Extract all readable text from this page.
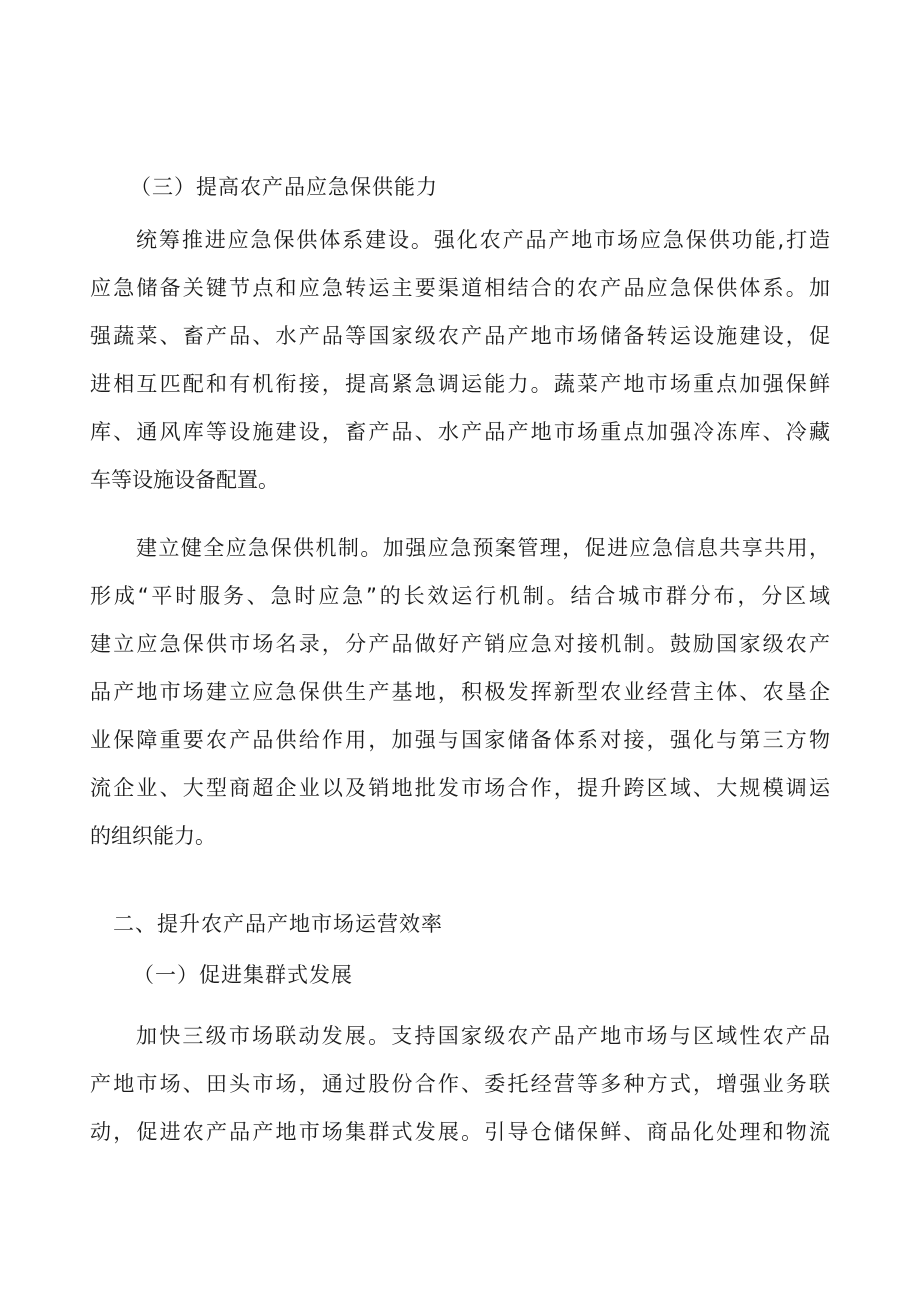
（三）提高农产品应急保供能力
统筹推进应急保供体系建设。强化农产品产地市场应急保供功能,打造
应急储备关键节点和应急转运主要渠道相结合的农产品应急保供体系。加
强蔬菜、畜产品、水产品等国家级农产品产地市场储备转运设施建设，促
进相互匹配和有机衔接，提高紧急调运能力。蔬菜产地市场重点加强保鲜
库、通风库等设施建设，畜产品、水产品产地市场重点加强冷冻库、冷藏
车等设施设备配置。
建立健全应急保供机制。加强应急预案管理，促进应急信息共享共用，
形成“平时服务、急时应急”的长效运行机制。结合城市群分布，分区域
建立应急保供市场名录，分产品做好产销应急对接机制。鼓励国家级农产
品产地市场建立应急保供生产基地，积极发挥新型农业经营主体、农垦企
业保障重要农产品供给作用，加强与国家储备体系对接，强化与第三方物
流企业、大型商超企业以及销地批发市场合作，提升跨区域、大规模调运
的组织能力。
二、提升农产品产地市场运营效率
（一）促进集群式发展
加快三级市场联动发展。支持国家级农产品产地市场与区域性农产品
产地市场、田头市场，通过股份合作、委托经营等多种方式，增强业务联
动，促进农产品产地市场集群式发展。引导仓储保鲜、商品化处理和物流
